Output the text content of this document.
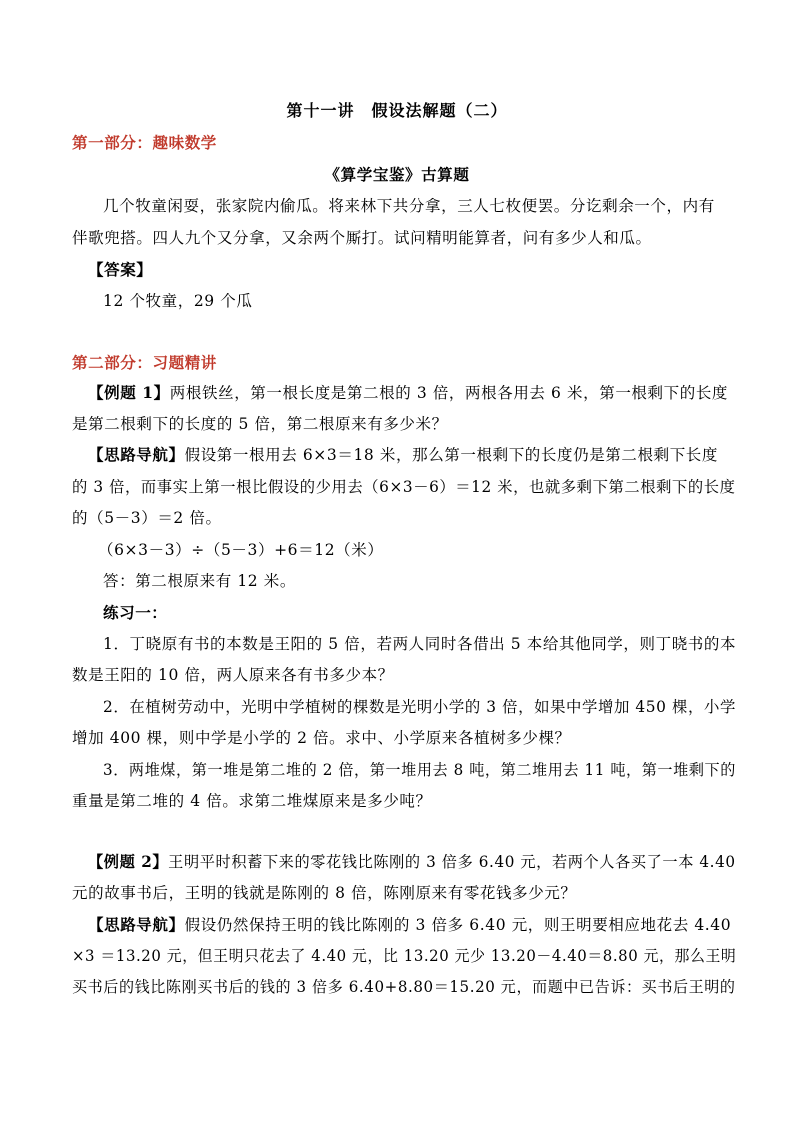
第十一讲　假设法解题（二）
第一部分：趣味数学
《算学宝鉴》古算题
几个牧童闲耍，张家院内偷瓜。将来林下共分拿，三人七枚便罢。分讫剩余一个，内有
伴歌兜搭。四人九个又分拿，又余两个厮打。试问精明能算者，问有多少人和瓜。
【答案】
12 个牧童，29 个瓜
第二部分：习题精讲
【例题 1】两根铁丝，第一根长度是第二根的 3 倍，两根各用去 6 米，第一根剩下的长度
是第二根剩下的长度的 5 倍，第二根原来有多少米？
【思路导航】假设第一根用去 6×3＝18 米，那么第一根剩下的长度仍是第二根剩下长度
的 3 倍，而事实上第一根比假设的少用去（6×3－6）＝12 米，也就多剩下第二根剩下的长度
的（5－3）＝2 倍。
（6×3－3）÷（5－3）+6＝12（米）
答：第二根原来有 12 米。
练习一：
1．丁晓原有书的本数是王阳的 5 倍，若两人同时各借出 5 本给其他同学，则丁晓书的本
数是王阳的 10 倍，两人原来各有书多少本？
2．在植树劳动中，光明中学植树的棵数是光明小学的 3 倍，如果中学增加 450 棵，小学
增加 400 棵，则中学是小学的 2 倍。求中、小学原来各植树多少棵？
3．两堆煤，第一堆是第二堆的 2 倍，第一堆用去 8 吨，第二堆用去 11 吨，第一堆剩下的
重量是第二堆的 4 倍。求第二堆煤原来是多少吨？
【例题 2】王明平时积蓄下来的零花钱比陈刚的 3 倍多 6.40 元，若两个人各买了一本 4.40
元的故事书后，王明的钱就是陈刚的 8 倍，陈刚原来有零花钱多少元？
【思路导航】假设仍然保持王明的钱比陈刚的 3 倍多 6.40 元，则王明要相应地花去 4.40
×3 ＝13.20 元，但王明只花去了 4.40 元，比 13.20 元少 13.20－4.40＝8.80 元，那么王明
买书后的钱比陈刚买书后的钱的 3 倍多 6.40+8.80＝15.20 元，而题中已告诉：买书后王明的
